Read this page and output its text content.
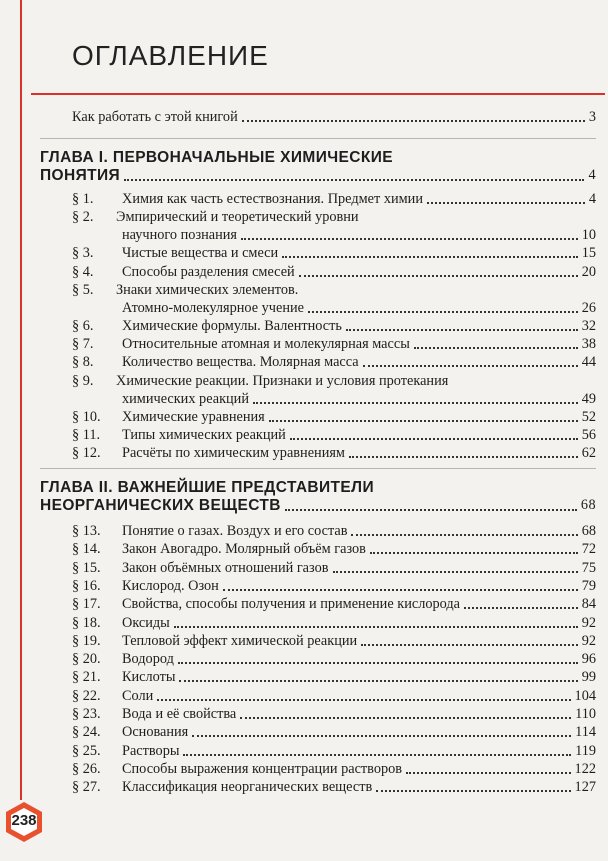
ОГЛАВЛЕНИЕ
Как работать с этой книгой	3
ГЛАВА I. ПЕРВОНАЧАЛЬНЫЕ ХИМИЧЕСКИЕ
ПОНЯТИЯ	4
§ 1.	Химия как часть естествознания. Предмет химии	4
§ 2. Эмпирический и теоретический уровни
научного познания	10
§ 3.	Чистые вещества и смеси	15
§ 4.	Способы разделения смесей	20
§ 5. Знаки химических элементов.
Атомно-молекулярное учение	26
§ 6.	Химические формулы. Валентность	32
§ 7.	Относительные атомная и молекулярная массы	38
§ 8.	Количество вещества. Молярная масса	44
§ 9. Химические реакции. Признаки и условия протекания
химических реакций	49
§ 10.	Химические уравнения	52
§ 11.	Типы химических реакций	56
§ 12.	Расчёты по химическим уравнениям	62
ГЛАВА II. ВАЖНЕЙШИЕ ПРЕДСТАВИТЕЛИ
НЕОРГАНИЧЕСКИХ ВЕЩЕСТВ	68
§ 13.	Понятие о газах. Воздух и его состав	68
§ 14.	Закон Авогадро. Молярный объём газов	72
§ 15.	Закон объёмных отношений газов	75
§ 16.	Кислород. Озон	79
§ 17.	Свойства, способы получения и применение кислорода	84
§ 18.	Оксиды	92
§ 19.	Тепловой эффект химической реакции	92
§ 20.	Водород	96
§ 21.	Кислоты	99
§ 22.	Соли	104
§ 23.	Вода и её свойства	110
§ 24.	Основания	114
§ 25.	Растворы	119
§ 26.	Способы выражения концентрации растворов	122
§ 27.	Классификация неорганических веществ	127
238
